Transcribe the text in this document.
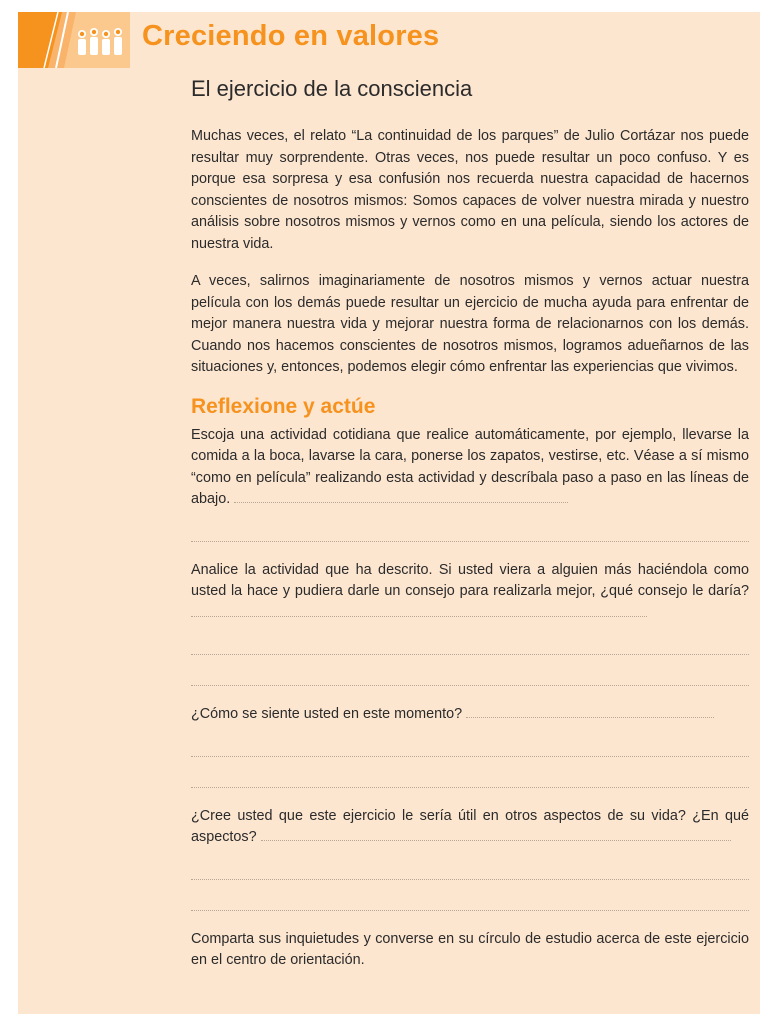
Creciendo en valores
El ejercicio de la consciencia

Muchas veces, el relato “La continuidad de los parques” de Julio Cortázar nos puede resultar muy sorprendente. Otras veces, nos puede resultar un poco confuso. Y es porque esa sorpresa y esa confusión nos recuerda nuestra capacidad de hacernos conscientes de nosotros mismos: Somos capaces de volver nuestra mirada y nuestro análisis sobre nosotros mismos y vernos como en una película, siendo los actores de nuestra vida.

A veces, salirnos imaginariamente de nosotros mismos y vernos actuar nuestra película con los demás puede resultar un ejercicio de mucha ayuda para enfrentar de mejor manera nuestra vida y mejorar nuestra forma de relacionarnos con los demás. Cuando nos hacemos conscientes de nosotros mismos, logramos adueñarnos de las situaciones y, entonces, podemos elegir cómo enfrentar las experiencias que vivimos.

Reflexione y actúe

Escoja una actividad cotidiana que realice automáticamente, por ejemplo, llevarse la comida a la boca, lavarse la cara, ponerse los zapatos, vestirse, etc. Véase a sí mismo “como en película” realizando esta actividad y descríbala paso a paso en las líneas de abajo.

Analice la actividad que ha descrito. Si usted viera a alguien más haciéndola como usted la hace y pudiera darle un consejo para realizarla mejor, ¿qué consejo le daría?

¿Cómo se siente usted en este momento?

¿Cree usted que este ejercicio le sería útil en otros aspectos de su vida? ¿En qué aspectos?

Comparta sus inquietudes y converse en su círculo de estudio acerca de este ejercicio en el centro de orientación.
